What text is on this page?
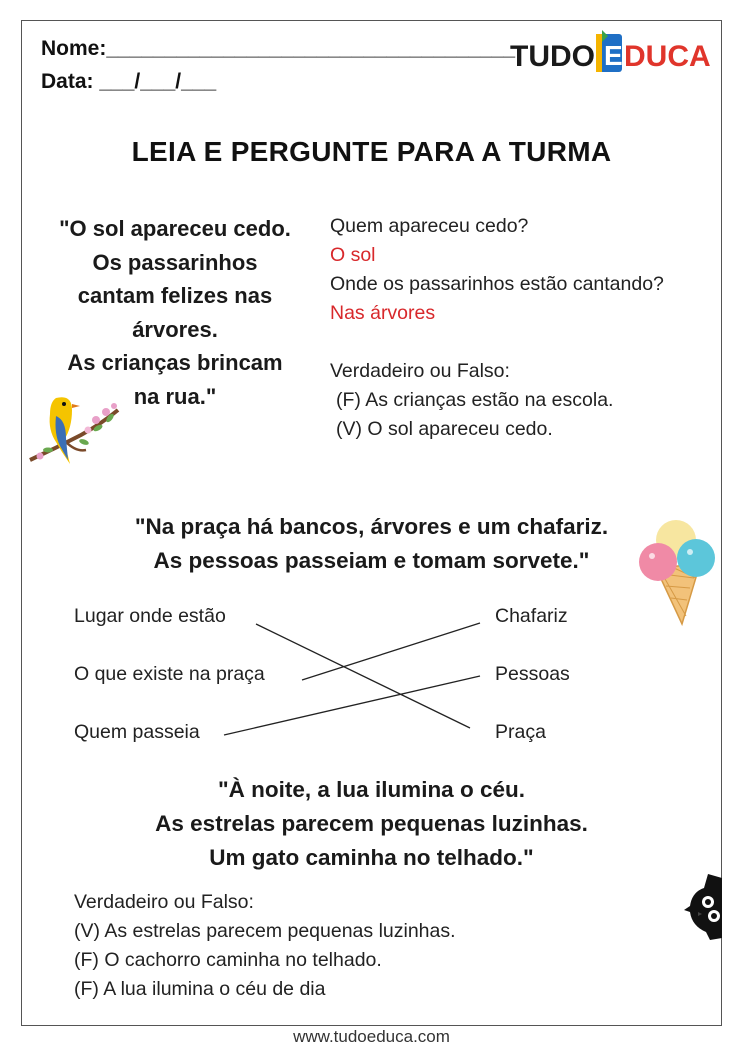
Nome:___________________________________
Data: ___/___/___
TUDO E DUCA
LEIA E PERGUNTE PARA A TURMA
"O sol apareceu cedo.
Os passarinhos
cantam felizes nas
árvores.
As crianças brincam
na rua."
Quem apareceu cedo?
O sol
Onde os passarinhos estão cantando?
Nas árvores
Verdadeiro ou Falso:
(F) As crianças estão na escola.
(V) O sol apareceu cedo.
"Na praça há bancos, árvores e um chafariz.
As pessoas passeiam e tomam sorvete."
Lugar onde estão
O que existe na praça
Quem passeia
Chafariz
Pessoas
Praça
"À noite, a lua ilumina o céu.
As estrelas parecem pequenas luzinhas.
Um gato caminha no telhado."
Verdadeiro ou Falso:
(V) As estrelas parecem pequenas luzinhas.
(F) O cachorro caminha no telhado.
(F) A lua ilumina o céu de dia
www.tudoeduca.com
